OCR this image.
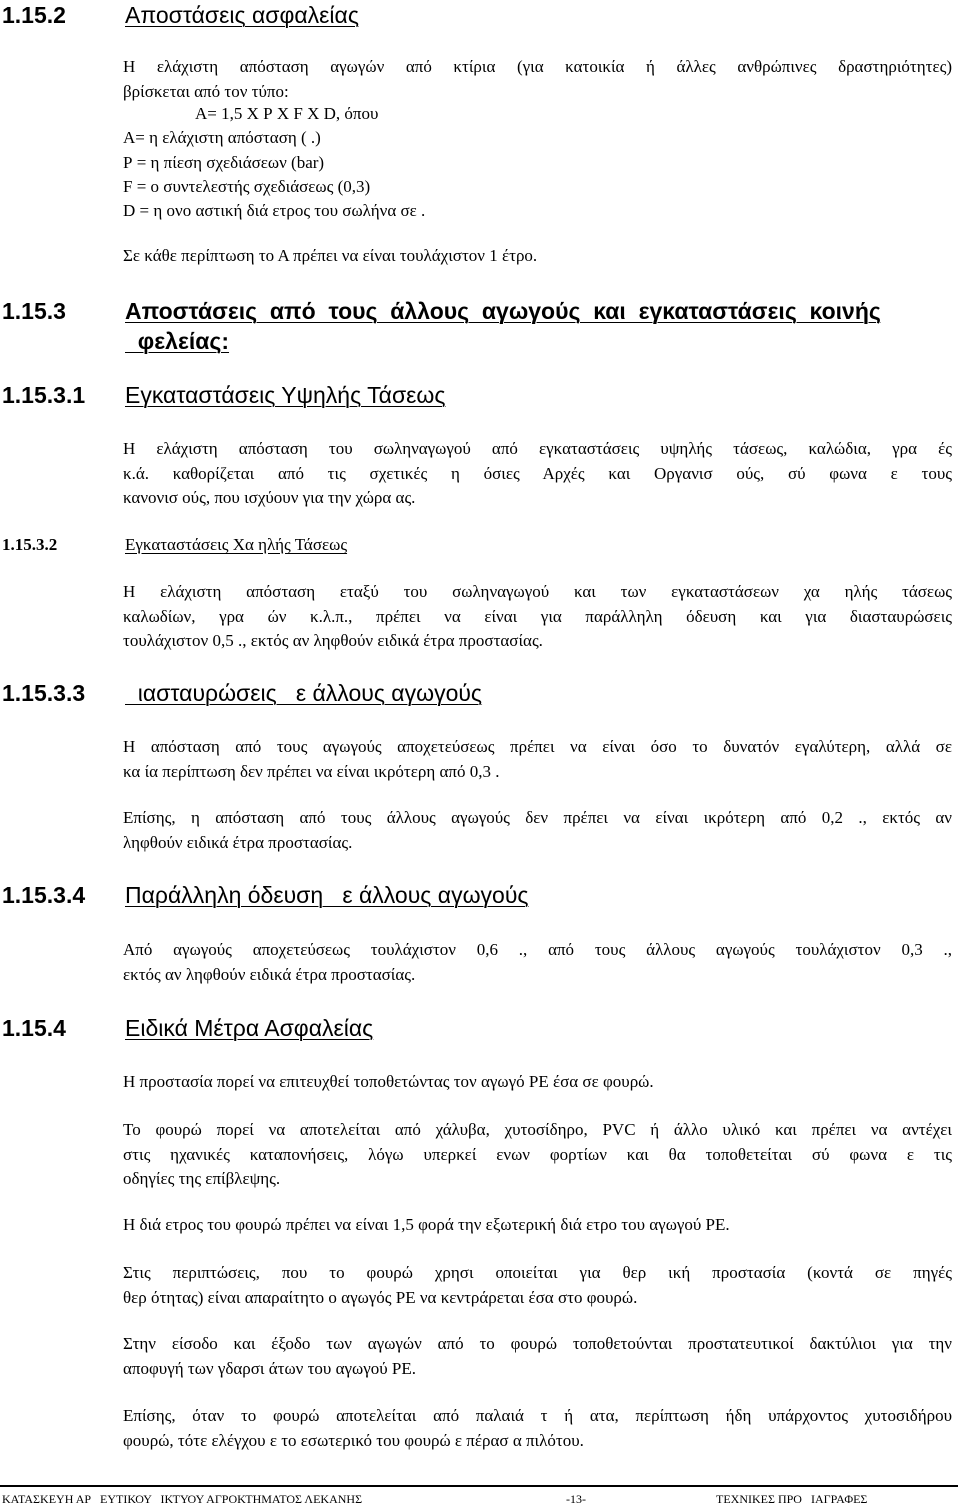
1.15.2	Αποστάσεις ασφαλείας
Η ελάχιστη απόσταση αγωγών από κτίρια (για κατοικία ή άλλες ανθρώπινες δραστηριότητες)
βρίσκεται από τον τύπο:
Α= 1,5 Χ Ρ Χ F X D, όπου
Α= η ελάχιστη απόσταση ( .)
Ρ = η πίεση σχεδιάσεων (bar)
F = ο συντελεστής σχεδιάσεως (0,3)
D = η ονο αστική διά ετρος του σωλήνα σε .
Σε κάθε περίπτωση το Α πρέπει να είναι τουλάχιστον 1 έτρο.
1.15.3	Αποστάσεις  από  τους  άλλους  αγωγούς  και  εγκαταστάσεις  κοινής
φελείας:
1.15.3.1 Εγκαταστάσεις Υψηλής Τάσεως
Η ελάχιστη απόσταση του σωληναγωγού από εγκαταστάσεις υψηλής τάσεως, καλώδια, γρα ές
κ.ά. καθορίζεται από τις σχετικές η όσιες Αρχές και Οργανισ ούς, σύ φωνα ε τους
κανονισ ούς, που ισχύουν για την χώρα ας.
1.15.3.2	Εγκαταστάσεις Χα ηλής Τάσεως
Η ελάχιστη απόσταση εταξύ του σωληναγωγού και των εγκαταστάσεων χα ηλής τάσεως
καλωδίων, γρα ών κ.λ.π., πρέπει να είναι για παράλληλη όδευση και για διασταυρώσεις
τουλάχιστον 0,5 ., εκτός αν ληφθούν ειδικά έτρα προστασίας.
1.15.3.3 ιασταυρώσεις   ε άλλους αγωγούς
Η απόσταση από τους αγωγούς αποχετεύσεως πρέπει να είναι όσο το δυνατόν εγαλύτερη, αλλά σε
κα ία περίπτωση δεν πρέπει να είναι ικρότερη από 0,3 .
Επίσης, η απόσταση από τους άλλους αγωγούς δεν πρέπει να είναι ικρότερη από 0,2 ., εκτός αν
ληφθούν ειδικά έτρα προστασίας.
1.15.3.4 Παράλληλη όδευση   ε άλλους αγωγούς
Από αγωγούς αποχετεύσεως τουλάχιστον 0,6 ., από τους άλλους αγωγούς τουλάχιστον 0,3 .,
εκτός αν ληφθούν ειδικά έτρα προστασίας.
1.15.4	Ειδικά Μέτρα Ασφαλείας
Η προστασία πορεί να επιτευχθεί τοποθετώντας τον αγωγό PE έσα σε φουρώ.
Το φουρώ πορεί να αποτελείται από χάλυβα, χυτοσίδηρο, PVC ή άλλο υλικό και πρέπει να αντέχει
στις ηχανικές καταπονήσεις, λόγω υπερκεί ενων φορτίων και θα τοποθετείται σύ φωνα ε τις
οδηγίες της επίβλεψης.
Η διά ετρος του φουρώ πρέπει να είναι 1,5 φορά την εξωτερική διά ετρο του αγωγού PE.
Στις περιπτώσεις, που το φουρώ χρησι οποιείται για θερ ική προστασία (κοντά σε πηγές
θερ ότητας) είναι απαραίτητο ο αγωγός PE να κεντράρεται έσα στο φουρώ.
Στην είσοδο και έξοδο των αγωγών από το φουρώ τοποθετούνται προστατευτικοί δακτύλιοι για την
αποφυγή των γδαρσι άτων του αγωγού PE.
Επίσης, όταν το φουρώ αποτελείται από παλαιά τ ή ατα, περίπτωση ήδη υπάρχοντος χυτοσιδήρου
φουρώ, τότε ελέγχου ε το εσωτερικό του φουρώ ε πέρασ α πιλότου.
ΚΑΤΑΣΚΕΥΗ ΑΡ   ΕΥΤΙΚΟΥ   ΙΚΤΥΟΥ ΑΓΡΟΚΤΗΜΑΤΟΣ ΛΕΚΑΝΗΣ	-13-	ΤΕΧΝΙΚΕΣ ΠΡΟ   ΙΑΓΡΑΦΕΣ
